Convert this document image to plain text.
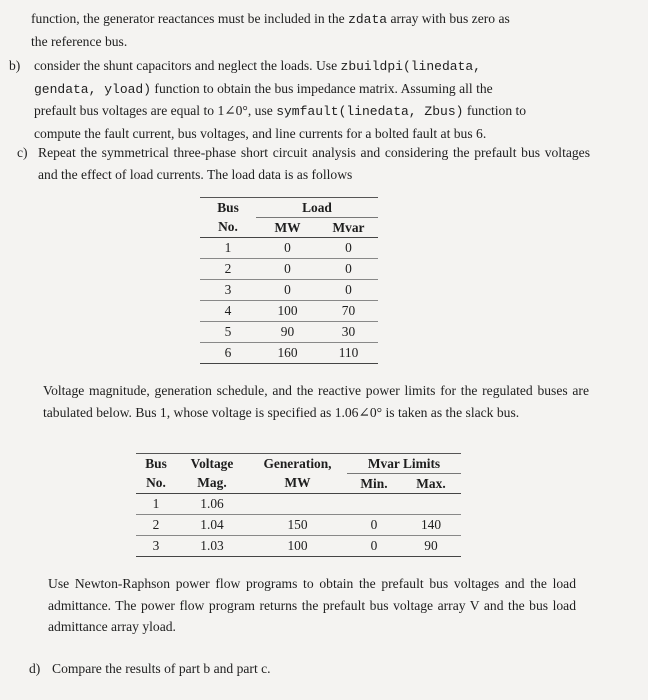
function, the generator reactances must be included in the zdata array with bus zero as
the reference bus.
b) consider the shunt capacitors and neglect the loads. Use zbuildpi(linedata,
gendata, yload) function to obtain the bus impedance matrix. Assuming all the
prefault bus voltages are equal to 1∠0°, use symfault(linedata, Zbus) function to
compute the fault current, bus voltages, and line currents for a bolted fault at bus 6.
c) Repeat the symmetrical three-phase short circuit analysis and considering the prefault bus voltages and the effect of load currents. The load data is as follows
Bus	Load	
No.	MW	Mvar
1	0	0
2	0	0
3	0	0
4	100	70
5	90	30
6	160	110
Voltage magnitude, generation schedule, and the reactive power limits for the regulated buses are tabulated below. Bus 1, whose voltage is specified as 1.06∠0° is taken as the slack bus.
Bus	Voltage	Generation,	Mvar Limits	
No.	Mag.	MW	Min.	Max.
1	1.06			
2	1.04	150	0	140
3	1.03	100	0	90
Use Newton-Raphson power flow programs to obtain the prefault bus voltages and the load admittance. The power flow program returns the prefault bus voltage array V and the bus load admittance array yload.
d) Compare the results of part b and part c.
